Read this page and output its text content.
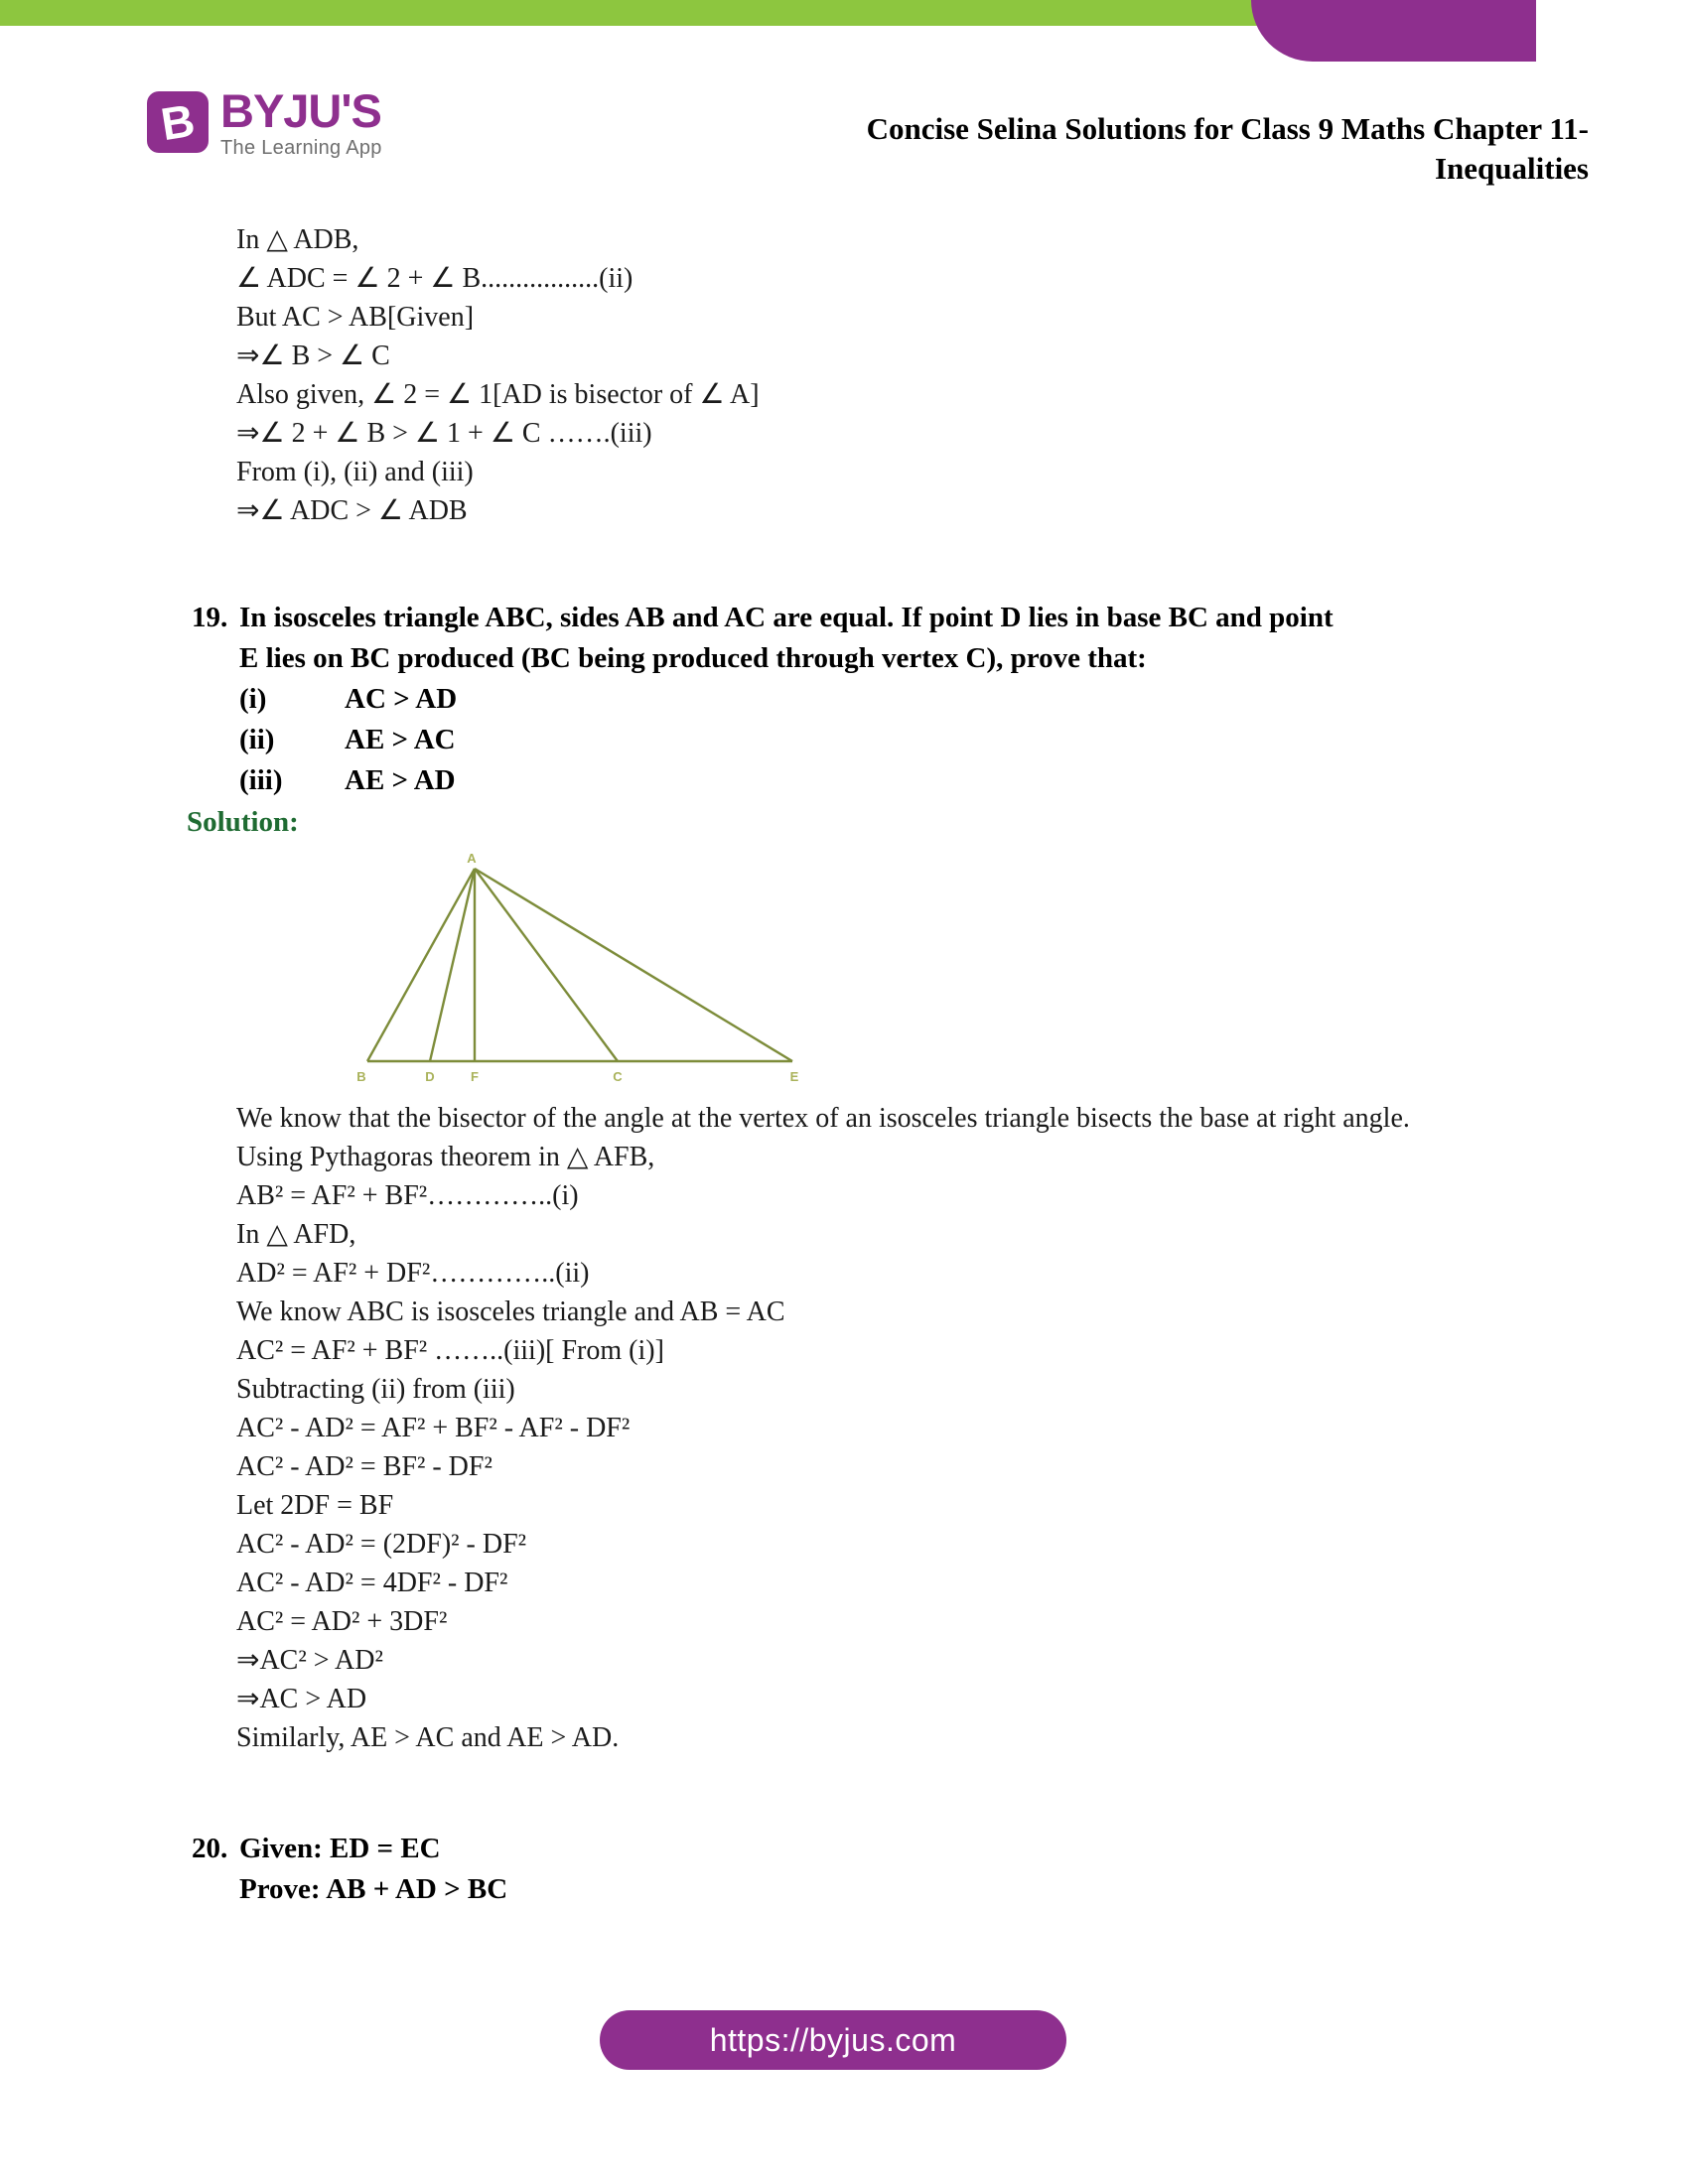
B BYJU'S
The Learning App
Concise Selina Solutions for Class 9 Maths Chapter 11-Inequalities
In △ ADB,
∠ ADC = ∠ 2 + ∠ B.................(ii)
But AC > AB[Given]
⇒∠ B > ∠ C
Also given, ∠ 2 = ∠ 1[AD is bisector of ∠ A]
⇒∠ 2 + ∠ B > ∠ 1 + ∠ C …….(iii)
From (i), (ii) and (iii)
⇒∠ ADC > ∠ ADB
19. In isosceles triangle ABC, sides AB and AC are equal. If point D lies in base BC and point
E lies on BC produced (BC being produced through vertex C), prove that:
(i)	AC > AD
(ii)	AE > AC
(iii)	AE > AD
Solution:
A
B	D	F	C	E
We know that the bisector of the angle at the vertex of an isosceles triangle bisects the base at right angle.
Using Pythagoras theorem in △ AFB,
AB² = AF² + BF²…………..(i)
In △ AFD,
AD² = AF² + DF²…………..(ii)
We know ABC is isosceles triangle and AB = AC
AC² = AF² + BF² ……..(iii)[ From (i)]
Subtracting (ii) from (iii)
AC² - AD² = AF² + BF² - AF² - DF²
AC² - AD² = BF² - DF²
Let 2DF = BF
AC² - AD² = (2DF)² - DF²
AC² - AD² = 4DF² - DF²
AC² = AD² + 3DF²
⇒AC² > AD²
⇒AC > AD
Similarly, AE > AC and AE > AD.
20. Given: ED = EC
Prove: AB + AD > BC
https://byjus.com
